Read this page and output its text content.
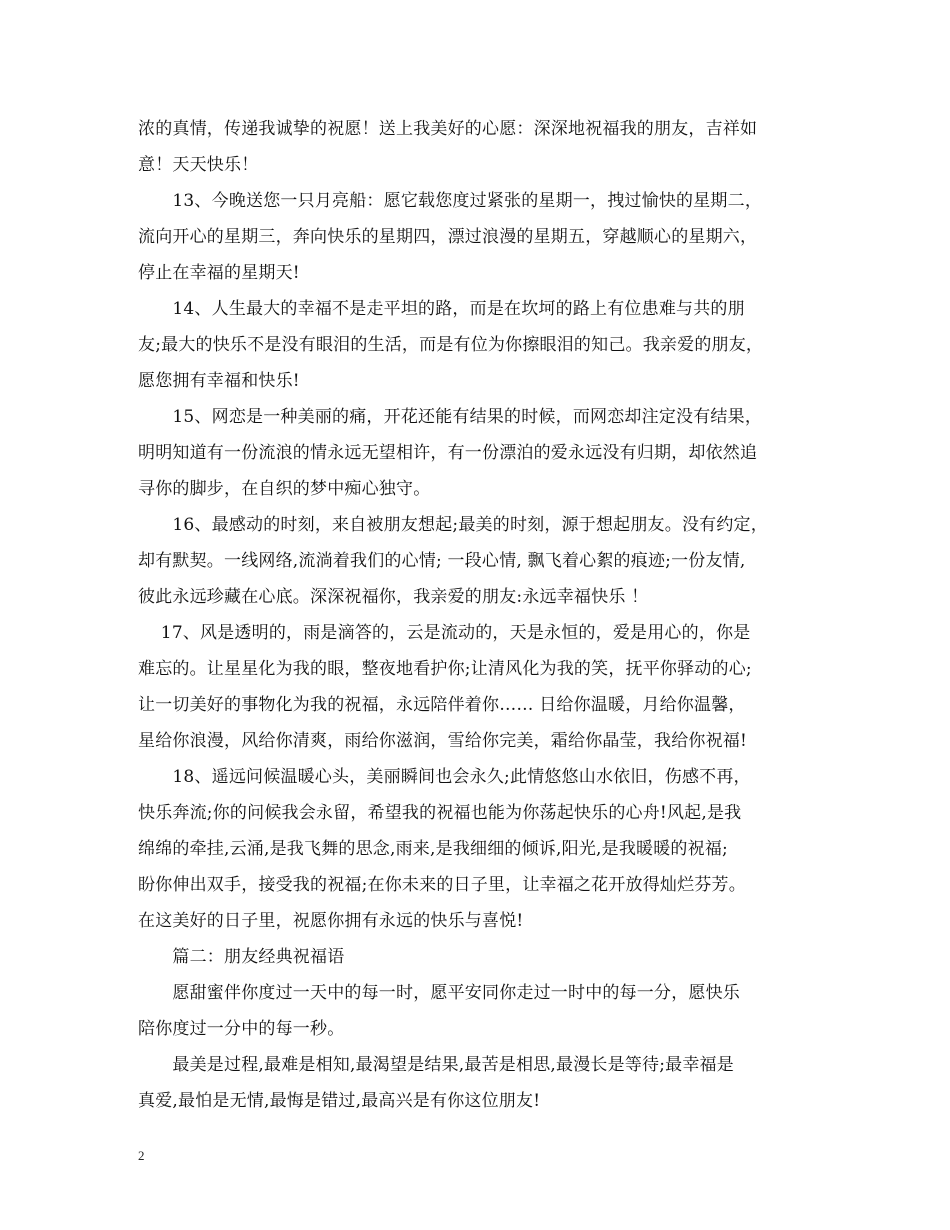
浓的真情，传递我诚挚的祝愿！送上我美好的心愿：深深地祝福我的朋友，吉祥如
意！天天快乐！
　　13、今晚送您一只月亮船：愿它载您度过紧张的星期一，拽过愉快的星期二，
流向开心的星期三，奔向快乐的星期四，漂过浪漫的星期五，穿越顺心的星期六，
停止在幸福的星期天!
　　14、人生最大的幸福不是走平坦的路，而是在坎坷的路上有位患难与共的朋
友;最大的快乐不是没有眼泪的生活，而是有位为你擦眼泪的知己。我亲爱的朋友，
愿您拥有幸福和快乐!
　　15、网恋是一种美丽的痛，开花还能有结果的时候，而网恋却注定没有结果，
明明知道有一份流浪的情永远无望相许，有一份漂泊的爱永远没有归期，却依然追
寻你的脚步，在自织的梦中痴心独守。
　　16、最感动的时刻，来自被朋友想起;最美的时刻，源于想起朋友。没有约定，
却有默契。一线网络,流淌着我们的心情; 一段心情, 飘飞着心絮的痕迹;一份友情,
彼此永远珍藏在心底。深深祝福你，我亲爱的朋友:永远幸福快乐 ！
　 17、风是透明的，雨是滴答的，云是流动的，天是永恒的，爱是用心的，你是
难忘的。让星星化为我的眼，整夜地看护你;让清风化为我的笑，抚平你驿动的心;
让一切美好的事物化为我的祝福，永远陪伴着你…… 日给你温暖，月给你温馨，
星给你浪漫，风给你清爽，雨给你滋润，雪给你完美，霜给你晶莹，我给你祝福!
　　18、遥远问候温暖心头，美丽瞬间也会永久;此情悠悠山水依旧，伤感不再，
快乐奔流;你的问候我会永留，希望我的祝福也能为你荡起快乐的心舟!风起,是我
绵绵的牵挂,云涌,是我飞舞的思念,雨来,是我细细的倾诉,阳光,是我暖暖的祝福;
盼你伸出双手，接受我的祝福;在你未来的日子里，让幸福之花开放得灿烂芬芳。
在这美好的日子里，祝愿你拥有永远的快乐与喜悦!
　　篇二：朋友经典祝福语
　　愿甜蜜伴你度过一天中的每一时，愿平安同你走过一时中的每一分，愿快乐
陪你度过一分中的每一秒。
　　最美是过程,最难是相知,最渴望是结果,最苦是相思,最漫长是等待;最幸福是
真爱,最怕是无情,最悔是错过,最高兴是有你这位朋友!
2
